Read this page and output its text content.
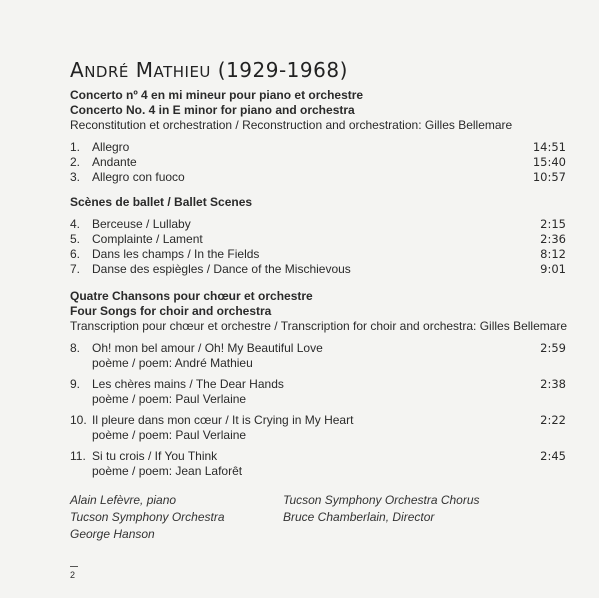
ANDRÉ MATHIEU (1929-1968)
Concerto nº 4 en mi mineur pour piano et orchestre
Concerto No. 4 in E minor for piano and orchestra
Reconstitution et orchestration / Reconstruction and orchestration: Gilles Bellemare
1. Allegro	14:51
2. Andante	15:40
3. Allegro con fuoco	10:57
Scènes de ballet / Ballet Scenes
4. Berceuse / Lullaby	2:15
5. Complainte / Lament	2:36
6. Dans les champs / In the Fields	8:12
7. Danse des espiègles / Dance of the Mischievous	9:01
Quatre Chansons pour chœur et orchestre
Four Songs for choir and orchestra
Transcription pour chœur et orchestre / Transcription for choir and orchestra: Gilles Bellemare
8. Oh! mon bel amour / Oh! My Beautiful Love	2:59
poème / poem: André Mathieu
9. Les chères mains / The Dear Hands	2:38
poème / poem: Paul Verlaine
10. Il pleure dans mon cœur / It is Crying in My Heart	2:22
poème / poem: Paul Verlaine
11. Si tu crois / If You Think	2:45
poème / poem: Jean Laforêt
Alain Lefèvre, piano
Tucson Symphony Orchestra
George Hanson
Tucson Symphony Orchestra Chorus
Bruce Chamberlain, Director
2
